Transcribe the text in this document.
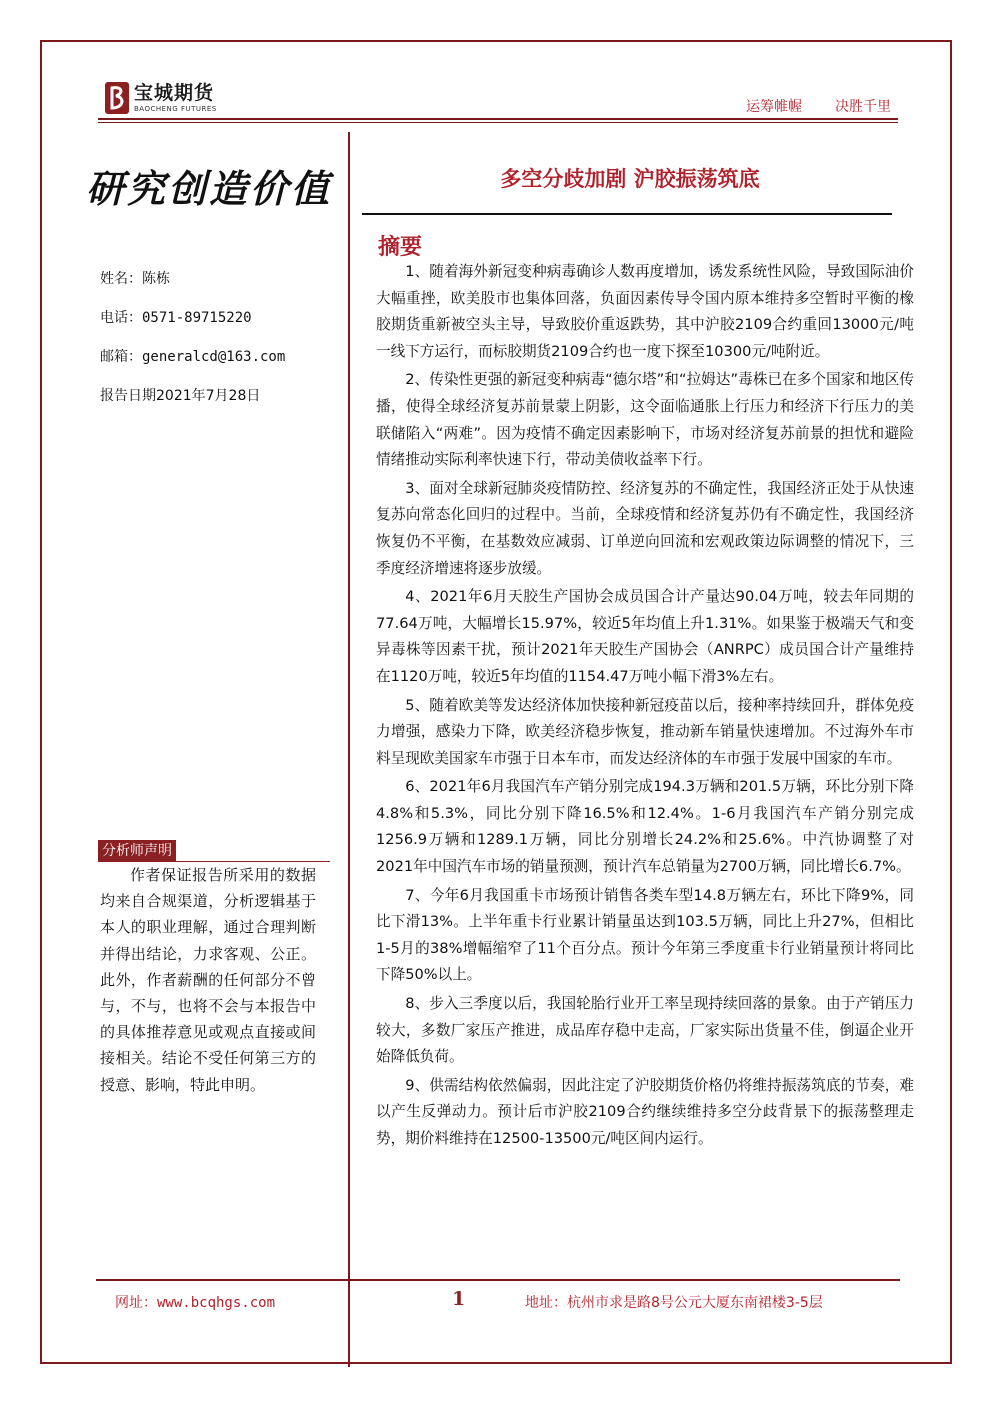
宝城期货
BAOCHENG FUTURES	运筹帷幄 决胜千里
研究创造价值	多空分歧加剧 沪胶振荡筑底
姓名：陈栋
电话：0571-89715220
邮箱：generalcd@163.com
报告日期2021年7月28日
分析师声明
作者保证报告所采用的数据均来自合规渠道，分析逻辑基于本人的职业理解，通过合理判断并得出结论，力求客观、公正。此外，作者薪酬的任何部分不曾与，不与，也将不会与本报告中的具体推荐意见或观点直接或间接相关。结论不受任何第三方的授意、影响，特此申明。
摘要

1、随着海外新冠变种病毒确诊人数再度增加，诱发系统性风险，导致国际油价大幅重挫，欧美股市也集体回落，负面因素传导令国内原本维持多空暂时平衡的橡胶期货重新被空头主导，导致胶价重返跌势，其中沪胶2109合约重回13000元/吨一线下方运行，而标胶期货2109合约也一度下探至10300元/吨附近。

2、传染性更强的新冠变种病毒“德尔塔”和“拉姆达”毒株已在多个国家和地区传播，使得全球经济复苏前景蒙上阴影，这令面临通胀上行压力和经济下行压力的美联储陷入“两难”。因为疫情不确定因素影响下，市场对经济复苏前景的担忧和避险情绪推动实际利率快速下行，带动美债收益率下行。

3、面对全球新冠肺炎疫情防控、经济复苏的不确定性，我国经济正处于从快速复苏向常态化回归的过程中。当前，全球疫情和经济复苏仍有不确定性，我国经济恢复仍不平衡，在基数效应减弱、订单逆向回流和宏观政策边际调整的情况下，三季度经济增速将逐步放缓。

4、2021年6月天胶生产国协会成员国合计产量达90.04万吨，较去年同期的77.64万吨，大幅增长15.97%，较近5年均值上升1.31%。如果鉴于极端天气和变异毒株等因素干扰，预计2021年天胶生产国协会（ANRPC）成员国合计产量维持在1120万吨，较近5年均值的1154.47万吨小幅下滑3%左右。

5、随着欧美等发达经济体加快接种新冠疫苗以后，接种率持续回升，群体免疫力增强，感染力下降，欧美经济稳步恢复，推动新车销量快速增加。不过海外车市料呈现欧美国家车市强于日本车市，而发达经济体的车市强于发展中国家的车市。

6、2021年6月我国汽车产销分别完成194.3万辆和201.5万辆，环比分别下降4.8%和5.3%，同比分别下降16.5%和12.4%。1-6月我国汽车产销分别完成1256.9万辆和1289.1万辆，同比分别增长24.2%和25.6%。中汽协调整了对2021年中国汽车市场的销量预测，预计汽车总销量为2700万辆，同比增长6.7%。

7、今年6月我国重卡市场预计销售各类车型14.8万辆左右，环比下降9%，同比下滑13%。上半年重卡行业累计销量虽达到103.5万辆，同比上升27%，但相比1-5月的38%增幅缩窄了11个百分点。预计今年第三季度重卡行业销量预计将同比下降50%以上。

8、步入三季度以后，我国轮胎行业开工率呈现持续回落的景象。由于产销压力较大，多数厂家压产推进，成品库存稳中走高，厂家实际出货量不佳，倒逼企业开始降低负荷。

9、供需结构依然偏弱，因此注定了沪胶期货价格仍将维持振荡筑底的节奏，难以产生反弹动力。预计后市沪胶2109合约继续维持多空分歧背景下的振荡整理走势，期价料维持在12500-13500元/吨区间内运行。

网址：www.bcqhgs.com	1	地址：杭州市求是路8号公元大厦东南裙楼3-5层
